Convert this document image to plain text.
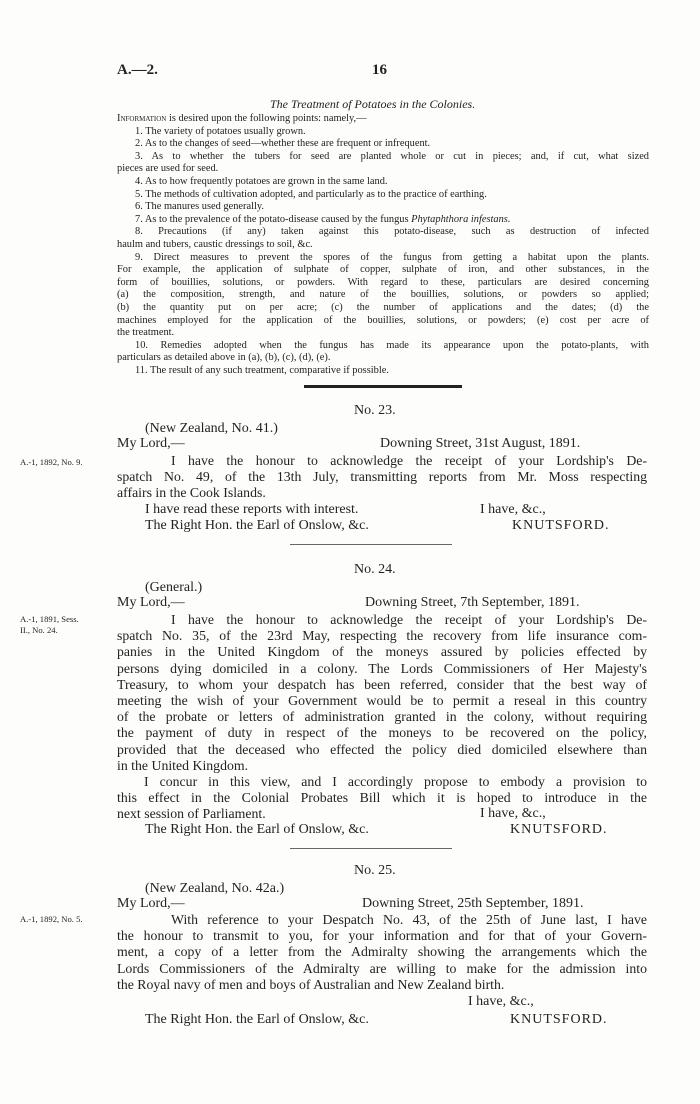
A.—2.	16
The Treatment of Potatoes in the Colonies.

Information is desired upon the following points: namely,—

1. The variety of potatoes usually grown.

2. As to the changes of seed—whether these are frequent or infrequent.

3. As to whether the tubers for seed are planted whole or cut in pieces; and, if cut, what sized

pieces are used for seed.

4. As to how frequently potatoes are grown in the same land.

5. The methods of cultivation adopted, and particularly as to the practice of earthing.

6. The manures used generally.

7. As to the prevalence of the potato-disease caused by the fungus Phytaphthora infestans.

8. Precautions (if any) taken against this potato-disease, such as destruction of infected

haulm and tubers, caustic dressings to soil, &c.

9. Direct measures to prevent the spores of the fungus from getting a habitat upon the plants.

For example, the application of sulphate of copper, sulphate of iron, and other substances, in the

form of bouillies, solutions, or powders. With regard to these, particulars are desired concerning

(a) the composition, strength, and nature of the bouillies, solutions, or powders so applied;

(b) the quantity put on per acre; (c) the number of applications and the dates; (d) the

machines employed for the application of the bouillies, solutions, or powders; (e) cost per acre of

the treatment.

10. Remedies adopted when the fungus has made its appearance upon the potato-plants, with

particulars as detailed above in (a), (b), (c), (d), (e).

11. The result of any such treatment, comparative if possible.

No. 23.
(New Zealand, No. 41.)
My Lord,—	Downing Street, 31st August, 1891.
A.-1, 1892, No. 9.	I have the honour to acknowledge the receipt of your Lordship's De-

spatch No. 49, of the 13th July, transmitting reports from Mr. Moss respecting

affairs in the Cook Islands.

I have read these reports with interest.	I have, &c.,
The Right Hon. the Earl of Onslow, &c.	KNUTSFORD.
No. 24.
(General.)
My Lord,—	Downing Street, 7th September, 1891.
A.-1, 1891, Sess.
II., No. 24.

I have the honour to acknowledge the receipt of your Lordship's De-

spatch No. 35, of the 23rd May, respecting the recovery from life insurance com-

panies in the United Kingdom of the moneys assured by policies effected by

persons dying domiciled in a colony. The Lords Commissioners of Her Majesty's

Treasury, to whom your despatch has been referred, consider that the best way of

meeting the wish of your Government would be to permit a reseal in this country

of the probate or letters of administration granted in the colony, without requiring

the payment of duty in respect of the moneys to be recovered on the policy,

provided that the deceased who effected the policy died domiciled elsewhere than

in the United Kingdom.

I concur in this view, and I accordingly propose to embody a provision to

this effect in the Colonial Probates Bill which it is hoped to introduce in the

next session of Parliament.	I have, &c.,
The Right Hon. the Earl of Onslow, &c.	KNUTSFORD.
No. 25.
(New Zealand, No. 42a.)
My Lord,—	Downing Street, 25th September, 1891.
A.-1, 1892, No. 5.	With reference to your Despatch No. 43, of the 25th of June last, I have

the honour to transmit to you, for your information and for that of your Govern-

ment, a copy of a letter from the Admiralty showing the arrangements which the

Lords Commissioners of the Admiralty are willing to make for the admission into

the Royal navy of men and boys of Australian and New Zealand birth.

I have, &c.,
The Right Hon. the Earl of Onslow, &c.	KNUTSFORD.
